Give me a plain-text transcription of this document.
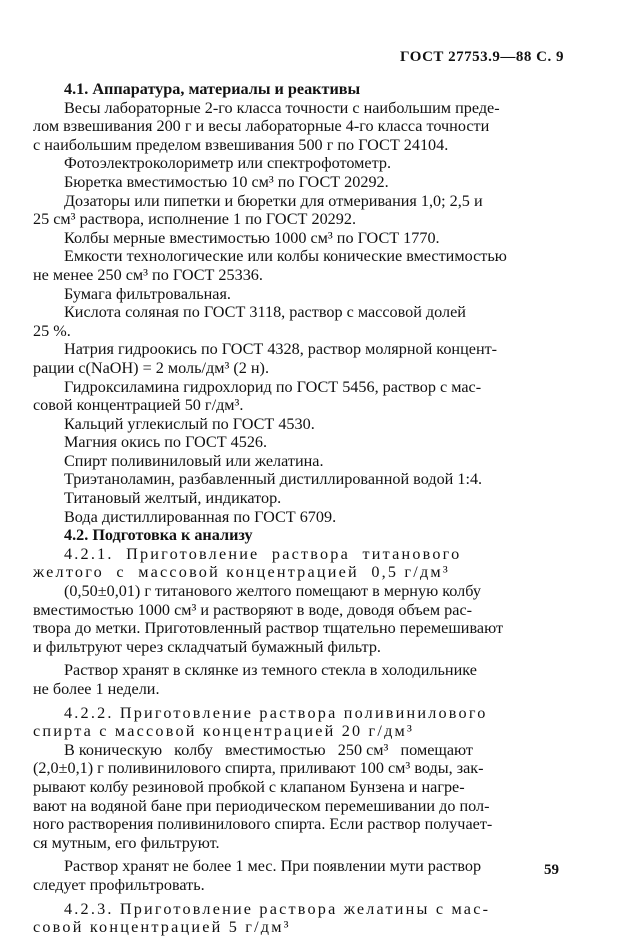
ГОСТ 27753.9—88 С. 9
4.1. Аппаратура, материалы и реактивы
Весы лабораторные 2-го класса точности с наибольшим преде-
лом взвешивания 200 г и весы лабораторные 4-го класса точности
с наибольшим пределом взвешивания 500 г по ГОСТ 24104.
Фотоэлектроколориметр или спектрофотометр.
Бюретка вместимостью 10 см³ по ГОСТ 20292.
Дозаторы или пипетки и бюретки для отмеривания 1,0; 2,5 и
25 см³ раствора, исполнение 1 по ГОСТ 20292.
Колбы мерные вместимостью 1000 см³ по ГОСТ 1770.
Емкости технологические или колбы конические вместимостью
не менее 250 см³ по ГОСТ 25336.
Бумага фильтровальная.
Кислота соляная по ГОСТ 3118, раствор с массовой долей
25 %.
Натрия гидроокись по ГОСТ 4328, раствор молярной концент-
рации c(NaOH) = 2 моль/дм³ (2 н).
Гидроксиламина гидрохлорид по ГОСТ 5456, раствор с мас-
совой концентрацией 50 г/дм³.
Кальций углекислый по ГОСТ 4530.
Магния окись по ГОСТ 4526.
Спирт поливиниловый или желатина.
Триэтаноламин, разбавленный дистиллированной водой 1:4.
Титановый желтый, индикатор.
Вода дистиллированная по ГОСТ 6709.
4.2. Подготовка к анализу
4.2.1.  Приготовление  раствора  титанового
желтого  с  массовой концентрацией  0,5 г/дм³
(0,50±0,01) г титанового желтого помещают в мерную колбу
вместимостью 1000 см³ и растворяют в воде, доводя объем рас-
твора до метки. Приготовленный раствор тщательно перемешивают
и фильтруют через складчатый бумажный фильтр.
Раствор хранят в склянке из темного стекла в холодильнике
не более 1 недели.
4.2.2. Приготовление раствора поливинилового
спирта с массовой концентрацией 20 г/дм³
В коническую   колбу   вместимостью   250 см³   помещают
(2,0±0,1) г поливинилового спирта, приливают 100 см³ воды, зак-
рывают колбу резиновой пробкой с клапаном Бунзена и нагре-
вают на водяной бане при периодическом перемешивании до пол-
ного растворения поливинилового спирта. Если раствор получает-
ся мутным, его фильтруют.
Раствор хранят не более 1 мес. При появлении мути раствор
следует профильтровать.
4.2.3. Приготовление раствора желатины с мас-
совой концентрацией 5 г/дм³
59
